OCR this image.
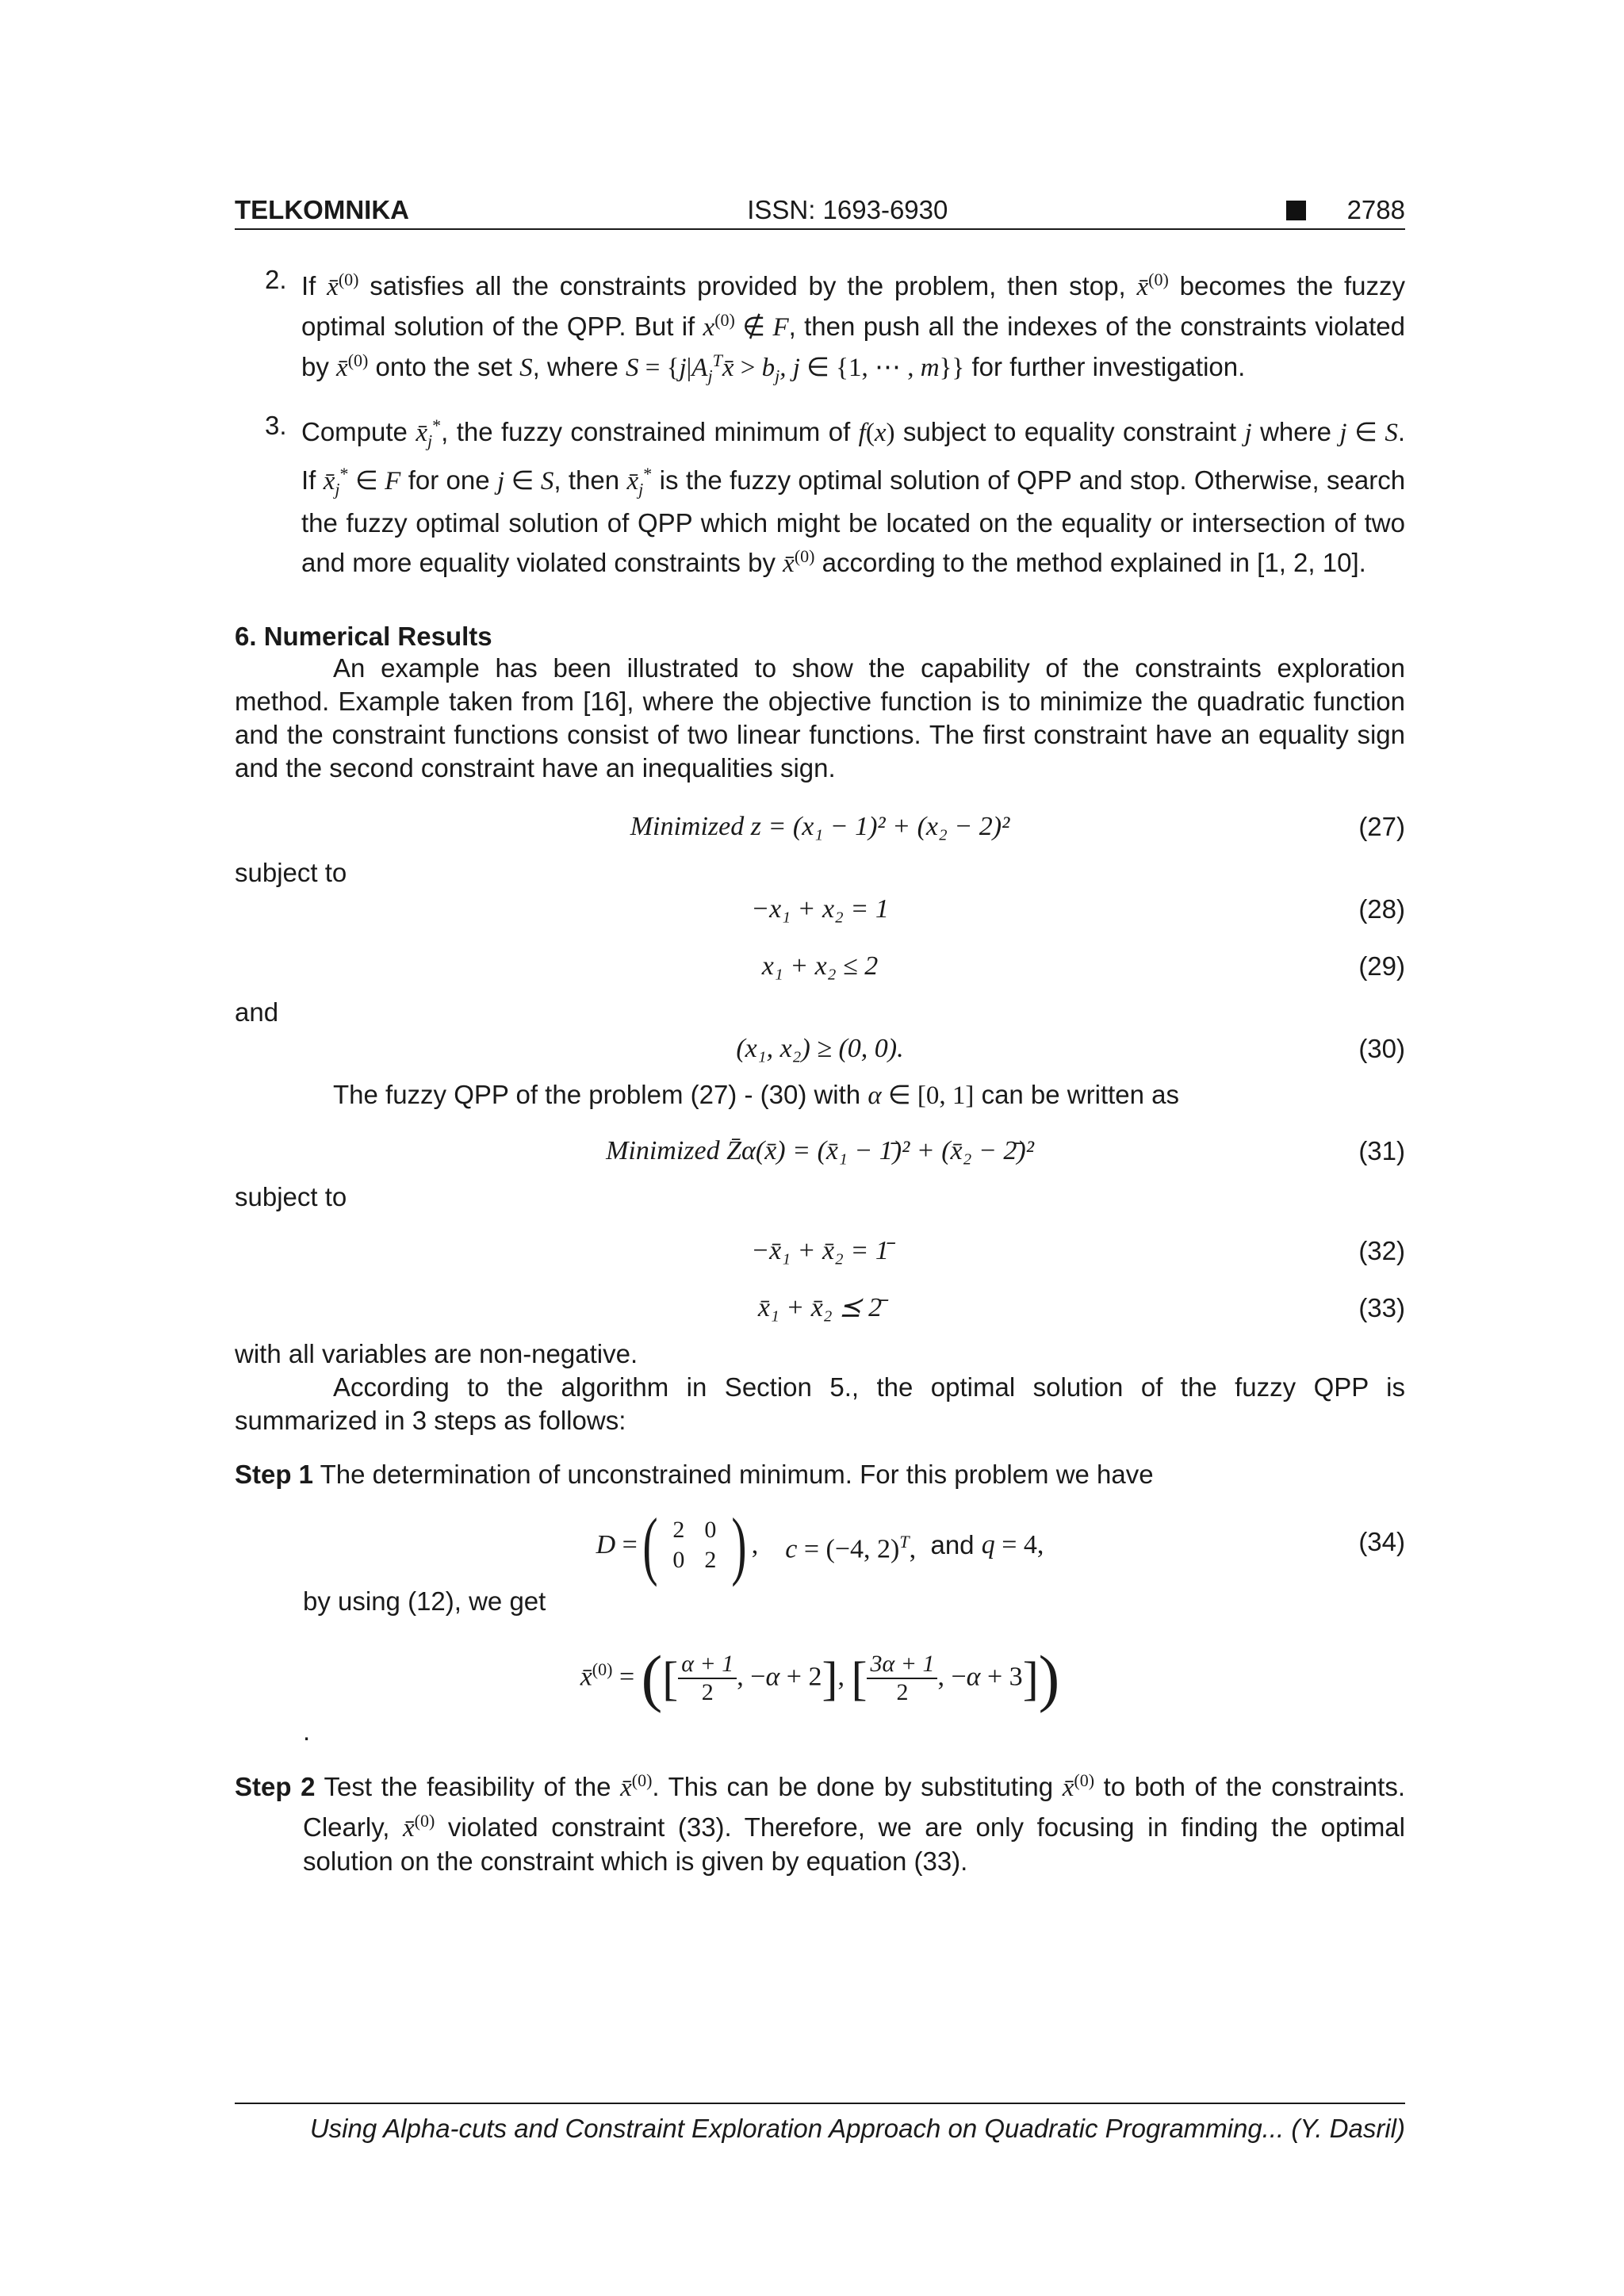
TELKOMNIKA	ISSN: 1693-6930	2788
2. If x̄$^{(0)}$ satisfies all the constraints provided by the problem, then stop, x̄$^{(0)}$ becomes the fuzzy optimal solution of the QPP. But if $x^{(0)}$ ∉ F, then push all the indexes of the constraints violated by x̄$^{(0)}$ onto the set S, where $S = \{j|A_j^Tx̄ > b_j$, j ∈ {1, ⋯ , m}} for further investigation.
3. Compute $x̄_j^*$, the fuzzy constrained minimum of f(x) subject to equality constraint j where j ∈ S. If $x̄_j^*$ ∈ F for one j ∈ S, then $x̄_j^*$ is the fuzzy optimal solution of QPP and stop. Otherwise, search the fuzzy optimal solution of QPP which might be located on the equality or intersection of two and more equality violated constraints by x̄$^{(0)}$ according to the method explained in [1, 2, 10].
6. Numerical Results
An example has been illustrated to show the capability of the constraints exploration method. Example taken from [16], where the objective function is to minimize the quadratic function and the constraint functions consist of two linear functions. The first constraint have an equality sign and the second constraint have an inequalities sign.
Minimized z = (x₁ − 1)² + (x₂ − 2)²	(27)
subject to
−x₁ + x₂ = 1	(28)
x₁ + x₂ ≤ 2	(29)
and
(x₁, x₂) ≥ (0, 0).	(30)
The fuzzy QPP of the problem (27) - (30) with α ∈ [0, 1] can be written as
Minimized Z̄α(x̄) = (x̄₁ − 1̄)² + (x̄₂ − 2̄)²	(31)
subject to
−x̄₁ + x̄₂ = 1̄	(32)
x̄₁ + x̄₂ ⪯ 2̄	(33)
with all variables are non-negative.
According to the algorithm in Section 5., the optimal solution of the fuzzy QPP is summarized in 3 steps as follows:
Step 1 The determination of unconstrained minimum. For this problem we have
D = ( 2 0
0 2 ) , c = (−4, 2)$^T$,
and
q = 4,	(34)
by using (12), we get
x̄$^{(0)}$ = ([ $\frac{\alpha + 1}{2}$ , −α + 2], [ $\frac{3\alpha + 1}{2}$ , −α + 3])
.
Step 2 Test the feasibility of the x̄$^{(0)}$. This can be done by substituting x̄$^{(0)}$ to both of the constraints. Clearly, x̄$^{(0)}$ violated constraint (33). Therefore, we are only focusing in finding the optimal solution on the constraint which is given by equation (33).
Using Alpha-cuts and Constraint Exploration Approach on Quadratic Programming... (Y. Dasril)
